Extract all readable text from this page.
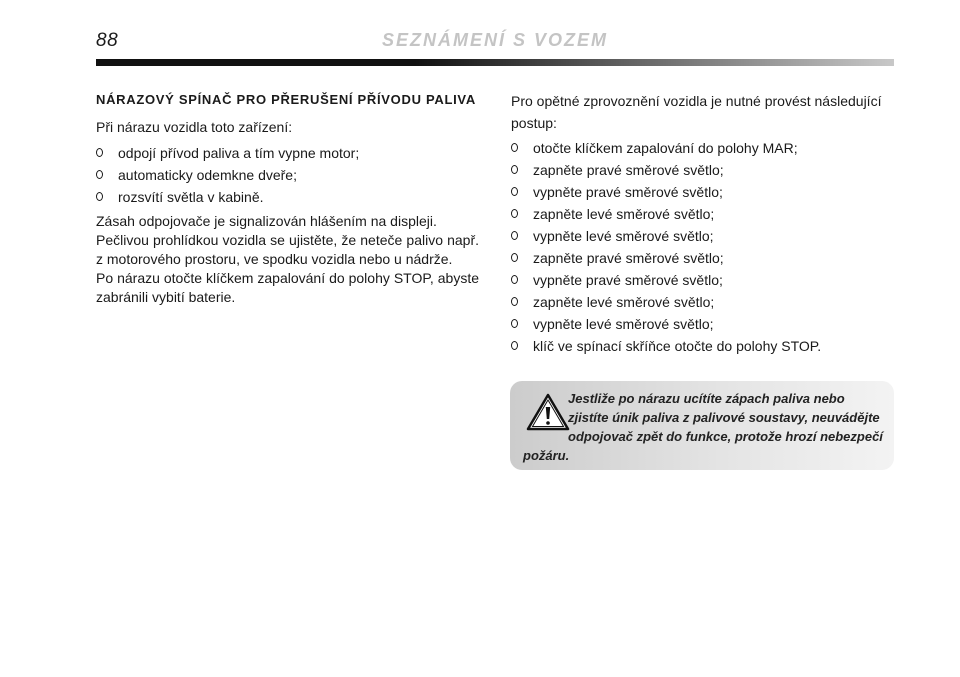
88	SEZNÁMENÍ S VOZEM
NÁRAZOVÝ SPÍNAČ PRO PŘERUŠENÍ PŘÍVODU PALIVA

Při nárazu vozidla toto zařízení:

odpojí přívod paliva a tím vypne motor;
automaticky odemkne dveře;
rozsvítí světla v kabině.

Zásah odpojovače je signalizován hlášením na displeji.

Pečlivou prohlídkou vozidla se ujistěte, že neteče palivo např. z motorového prostoru, ve spodku vozidla nebo u nádrže.

Po nárazu otočte klíčkem zapalování do polohy STOP, abyste zabránili vybití baterie.

Pro opětné zprovoznění vozidla je nutné provést následující postup:

otočte klíčkem zapalování do polohy MAR;
zapněte pravé směrové světlo;
vypněte pravé směrové světlo;
zapněte levé směrové světlo;
vypněte levé směrové světlo;
zapněte pravé směrové světlo;
vypněte pravé směrové světlo;
zapněte levé směrové světlo;
vypněte levé směrové světlo;
klíč ve spínací skříňce otočte do polohy STOP.
Jestliže po nárazu ucítíte zápach paliva nebo zjistíte únik paliva z palivové soustavy, neuvádějte odpojovač zpět do funkce, protože hrozí nebezpečí požáru.
